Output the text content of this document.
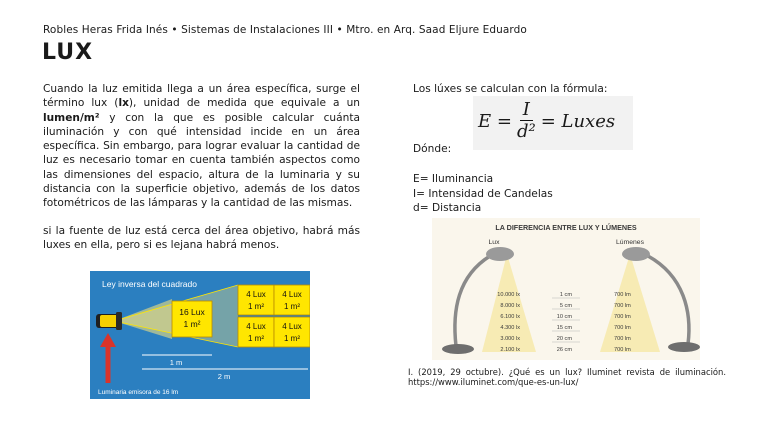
Robles Heras Frida Inés • Sistemas de Instalaciones III • Mtro. en Arq. Saad Eljure Eduardo
LUX

Cuando la luz emitida llega a un área específica, surge el término lux (lx), unidad de medida que equivale a un lumen/m² y con la que es posible calcular cuánta iluminación y con qué intensidad incide en un área específica. Sin embargo, para lograr evaluar la cantidad de luz es necesario tomar en cuenta también aspectos como las dimensiones del espacio, altura de la luminaria y su distancia con la superficie objetivo, además de los datos fotométricos de las lámparas y la cantidad de las mismas.

si la fuente de luz está cerca del área objetivo, habrá más luxes en ella, pero si es lejana habrá menos.

Los lúxes se calculan con la fórmula:
$E = \frac{I}{\text{d²}}$ = Luxes
Dónde:
E= Iluminancia
I= Intensidad de Candelas
d= Distancia
Ley inversa del cuadrado
16 Lux
1 m²
4 Lux
1 m²
4 Lux
1 m²
4 Lux
1 m²
4 Lux
1 m²
1 m
2 m
Luminaria emisora de 16 lm
LA DIFERENCIA ENTRE LUX Y LÚMENES
Lux	Lúmenes
10.000 lx
8.000 lx
6.100 lx
4.300 lx
3.000 lx
2.100 lx
1 cm
5 cm
10 cm
15 cm
20 cm
26 cm
700 lm
700 lm
700 lm
700 lm
700 lm
700 lm
I. (2019, 29 octubre). ¿Qué es un lux? Iluminet revista de iluminación. https://www.iluminet.com/que-es-un-lux/
